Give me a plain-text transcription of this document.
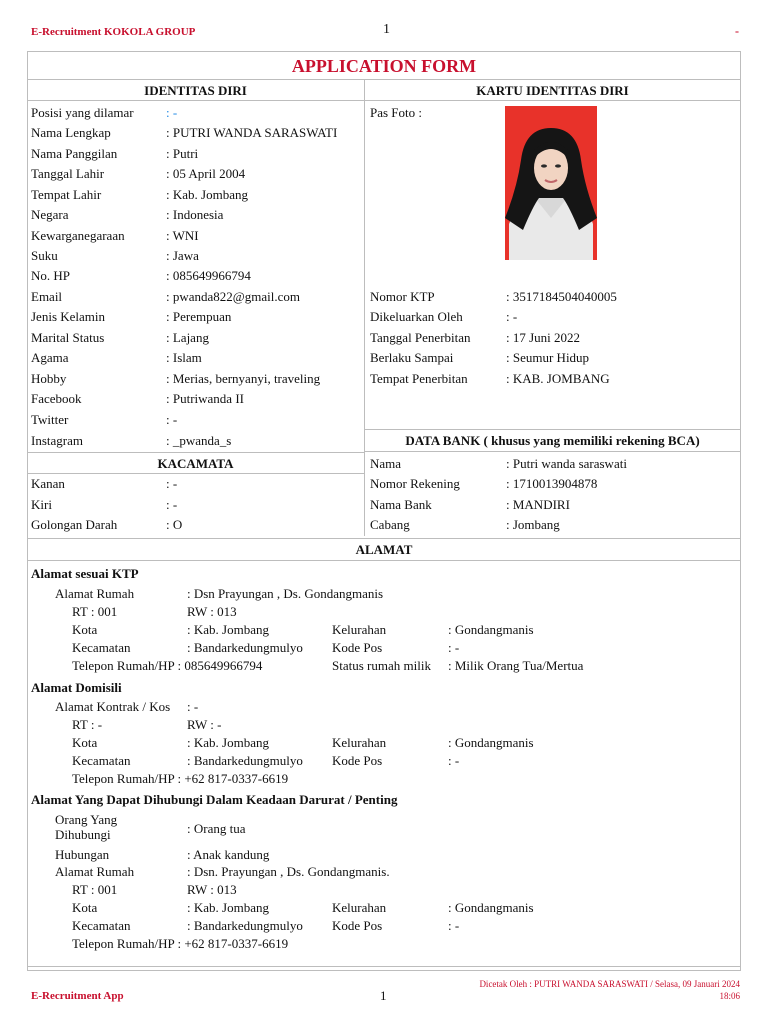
E-Recruitment KOKOLA GROUP	1	-
APPLICATION FORM
IDENTITAS DIRI	KARTU IDENTITAS DIRI
KACAMATA
DATA BANK ( khusus yang memiliki rekening BCA)
ALAMAT
Posisi yang dilamar : -
Nama Lengkap	: PUTRI WANDA SARASWATI
Nama Panggilan	: Putri
Tanggal Lahir	: 05 April 2004
Tempat Lahir	: Kab. Jombang
Negara	: Indonesia
Kewarganegaraan	: WNI
Suku	: Jawa
No. HP	: 085649966794
Email	: pwanda822@gmail.com
Jenis Kelamin	: Perempuan
Marital Status	: Lajang
Agama	: Islam
Hobby	: Merias, bernyanyi, traveling
Facebook	: Putriwanda II
Twitter	: -
Instagram	: _pwanda_s
Pas Foto :
Nomor KTP	: 3517184504040005
Dikeluarkan Oleh	: -
Tanggal Penerbitan	: 17 Juni 2022
Berlaku Sampai	: Seumur Hidup
Tempat Penerbitan	: KAB. JOMBANG
Kanan	: -
Kiri	: -
Golongan Darah	: O
Nama	: Putri wanda saraswati
Nomor Rekening	: 1710013904878
Nama Bank	: MANDIRI
Cabang	: Jombang
Alamat sesuai KTP
Alamat Rumah	: Dsn Prayungan , Ds. Gondangmanis
RT : 001	RW : 013
Kota	: Kab. Jombang	Kelurahan	: Gondangmanis
Kecamatan	: Bandarkedungmulyo Kode Pos	: -
Telepon Rumah/HP : 085649966794	Status rumah milik : Milik Orang Tua/Mertua
Alamat Domisili
Alamat Kontrak / Kos : -
RT : -	RW : -
Kota	: Kab. Jombang	Kelurahan	: Gondangmanis
Kecamatan	: Bandarkedungmulyo Kode Pos	: -
Telepon Rumah/HP : +62 817-0337-6619
Alamat Yang Dapat Dihubungi Dalam Keadaan Darurat / Penting
Orang Yang
Dihubungi	: Orang tua
Hubungan	: Anak kandung
Alamat Rumah	: Dsn. Prayungan , Ds. Gondangmanis.
RT : 001	RW : 013
Kota	: Kab. Jombang	Kelurahan	: Gondangmanis
Kecamatan	: Bandarkedungmulyo Kode Pos	: -
Telepon Rumah/HP : +62 817-0337-6619
E-Recruitment App	1
Dicetak Oleh : PUTRI WANDA SARASWATI / Selasa, 09 Januari 2024
18:06
